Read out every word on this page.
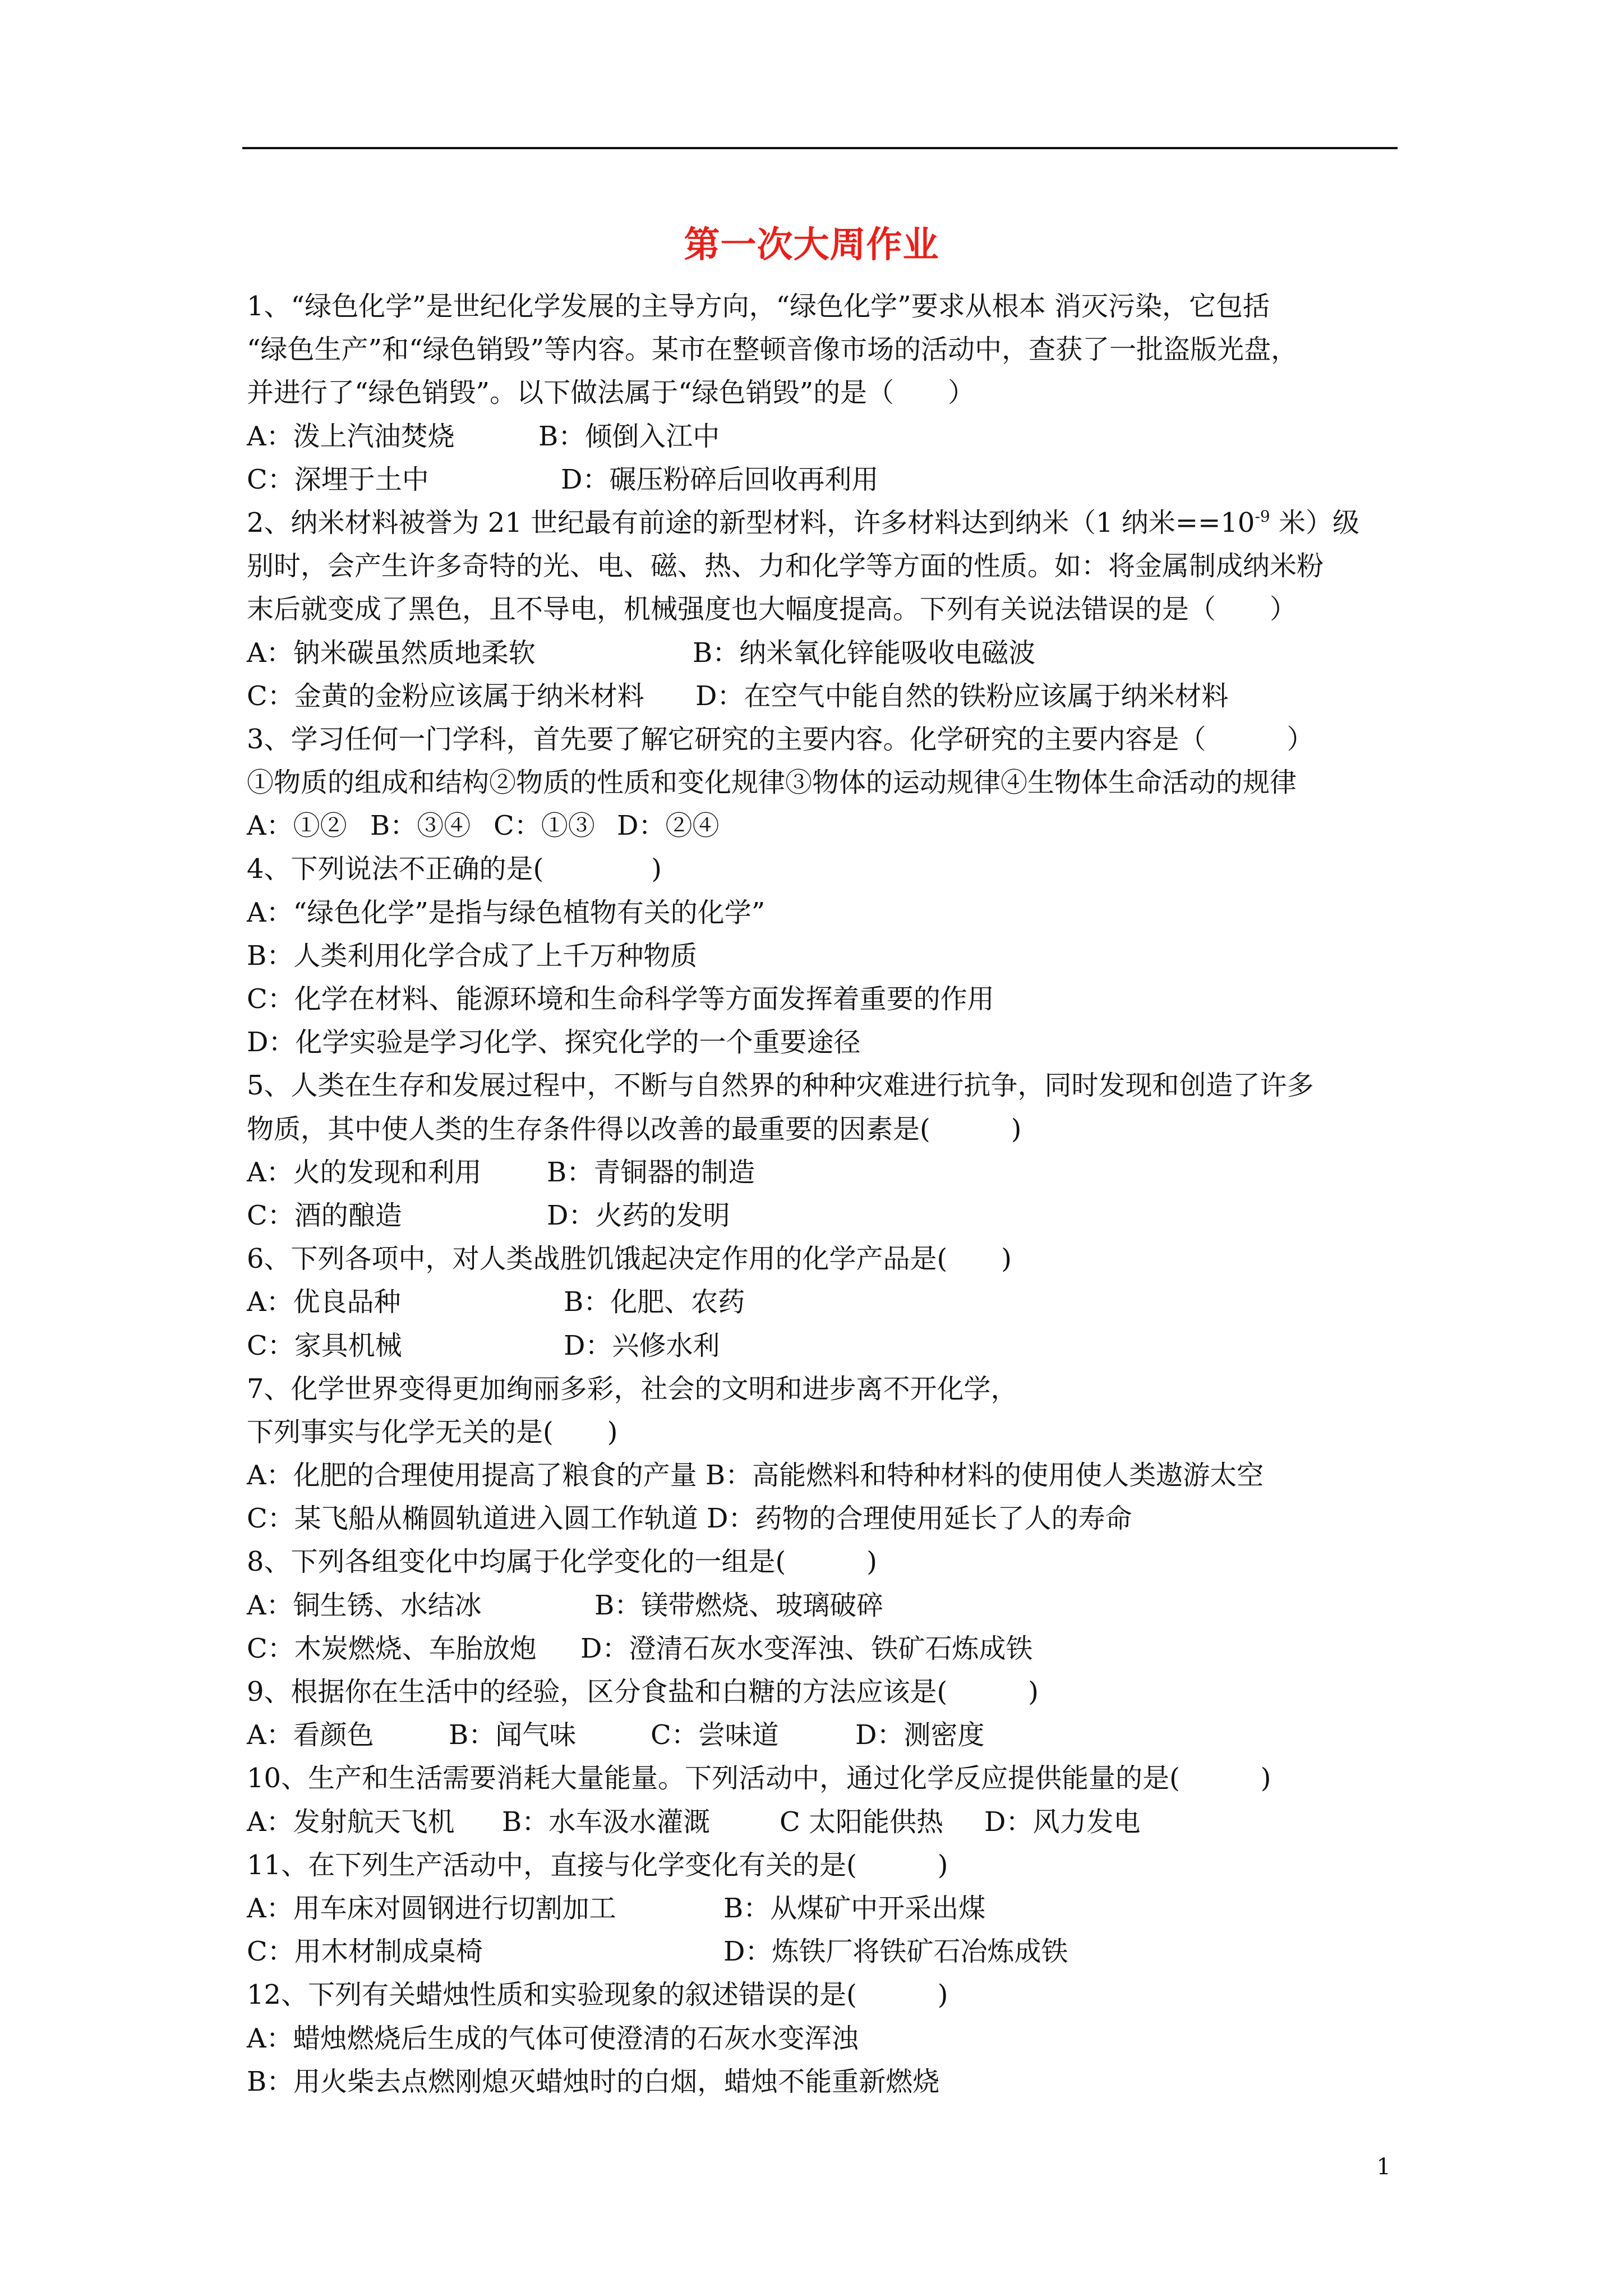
第一次大周作业
1、“绿色化学”是世纪化学发展的主导方向，“绿色化学”要求从根本 消灭污染，它包括
“绿色生产”和“绿色销毁”等内容。某市在整顿音像市场的活动中，查获了一批盗版光盘，
并进行了“绿色销毁”。以下做法属于“绿色销毁”的是（　　）
A：泼上汽油焚烧	B：倾倒入江中
C：深埋于土中	D：碾压粉碎后回收再利用
2、纳米材料被誉为 21 世纪最有前途的新型材料，许多材料达到纳米（1 纳米$==10^{-9}$ 米）级
别时，会产生许多奇特的光、电、磁、热、力和化学等方面的性质。如：将金属制成纳米粉
末后就变成了黑色，且不导电，机械强度也大幅度提高。下列有关说法错误的是（　　）
A：钠米碳虽然质地柔软	B：纳米氧化锌能吸收电磁波
C：金黄的金粉应该属于纳米材料	D：在空气中能自然的铁粉应该属于纳米材料
3、学习任何一门学科，首先要了解它研究的主要内容。化学研究的主要内容是（　　　）
①物质的组成和结构②物质的性质和变化规律③物体的运动规律④生物体生命活动的规律
A：①② B：③④ C：①③ D：②④
4、下列说法不正确的是(　　　　)
A：“绿色化学”是指与绿色植物有关的化学”
B：人类利用化学合成了上千万种物质
C：化学在材料、能源环境和生命科学等方面发挥着重要的作用
D：化学实验是学习化学、探究化学的一个重要途径
5、人类在生存和发展过程中，不断与自然界的种种灾难进行抗争，同时发现和创造了许多
物质，其中使人类的生存条件得以改善的最重要的因素是(　　　)
A：火的发现和利用	B：青铜器的制造
C：酒的酿造	D：火药的发明
6、下列各项中，对人类战胜饥饿起决定作用的化学产品是(　　)
A：优良品种	B：化肥、农药
C：家具机械	D：兴修水利
7、化学世界变得更加绚丽多彩，社会的文明和进步离不开化学，
下列事实与化学无关的是(　　)
A：化肥的合理使用提高了粮食的产量 B：高能燃料和特种材料的使用使人类遨游太空
C：某飞船从椭圆轨道进入圆工作轨道 D：药物的合理使用延长了人的寿命
8、下列各组变化中均属于化学变化的一组是(　　　)
A：铜生锈、水结冰	B：镁带燃烧、玻璃破碎
C：木炭燃烧、车胎放炮	D：澄清石灰水变浑浊、铁矿石炼成铁
9、根据你在生活中的经验，区分食盐和白糖的方法应该是(　　　)
A：看颜色	B：闻气味	C：尝味道	D：测密度
10、生产和生活需要消耗大量能量。下列活动中，通过化学反应提供能量的是(　　　)
A：发射航天飞机	B：水车汲水灌溉	C 太阳能供热	D：风力发电
11、在下列生产活动中，直接与化学变化有关的是(　　　)
A：用车床对圆钢进行切割加工	B：从煤矿中开采出煤
C：用木材制成桌椅	D：炼铁厂将铁矿石冶炼成铁
12、下列有关蜡烛性质和实验现象的叙述错误的是(　　　)
A：蜡烛燃烧后生成的气体可使澄清的石灰水变浑浊
B：用火柴去点燃刚熄灭蜡烛时的白烟，蜡烛不能重新燃烧
1
